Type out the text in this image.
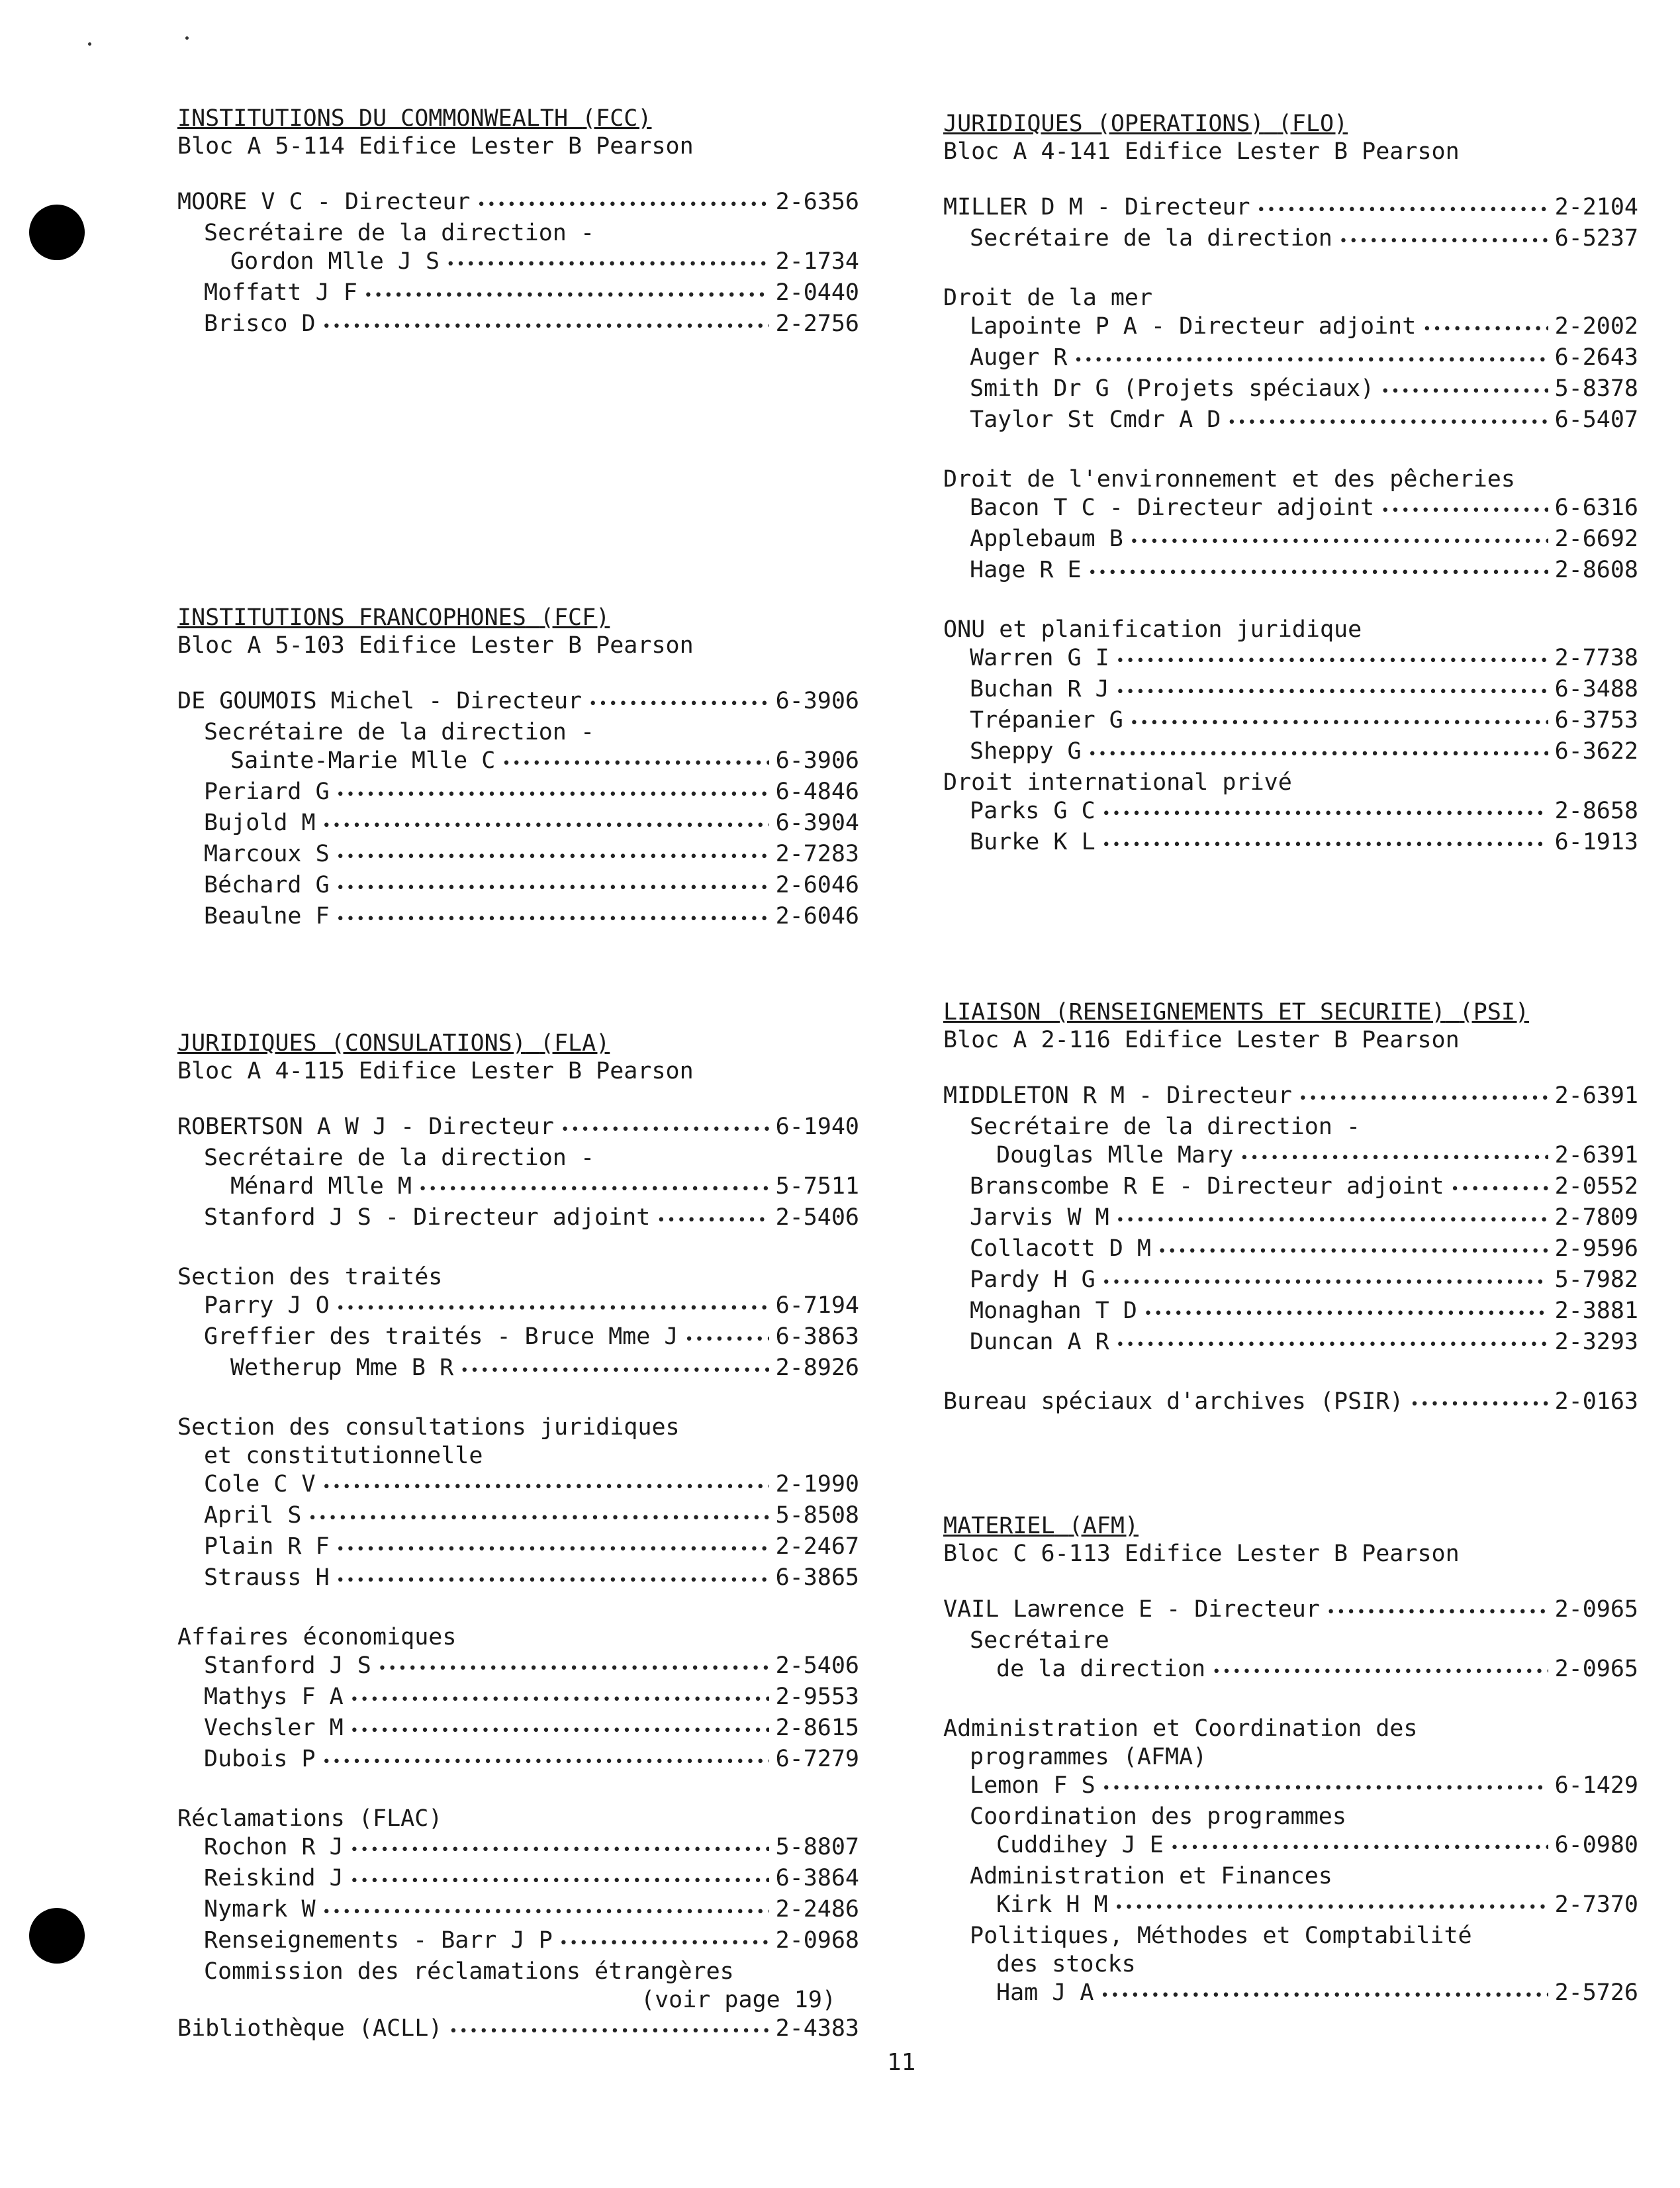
INSTITUTIONS DU COMMONWEALTH (FCC)
Bloc A 5-114 Edifice Lester B Pearson
MOORE V C - Directeur •••••	2-6356
Secrétaire de la direction -
Gordon Mlle J S •••••	2-1734
Moffatt J F •••••	2-0440
Brisco D •••••	2-2756
INSTITUTIONS FRANCOPHONES (FCF)
Bloc A 5-103 Edifice Lester B Pearson
DE GOUMOIS Michel - Directeur •••••	6-3906
Secrétaire de la direction -
Sainte-Marie Mlle C •••••	6-3906
Periard G •••••	6-4846
Bujold M •••••	6-3904
Marcoux S •••••	2-7283
Béchard G •••••	2-6046
Beaulne F •••••	2-6046
JURIDIQUES (CONSULATIONS) (FLA)
Bloc A 4-115 Edifice Lester B Pearson
ROBERTSON A W J - Directeur •••••	6-1940
Secrétaire de la direction -
Ménard Mlle M •••••	5-7511
Stanford J S - Directeur adjoint •••••	2-5406
Section des traités
Parry J O •••••	6-7194
Greffier des traités - Bruce Mme J •••••	6-3863
Wetherup Mme B R •••••	2-8926
Section des consultations juridiques
et constitutionnelle
Cole C V •••••	2-1990
April S •••••	5-8508
Plain R F •••••	2-2467
Strauss H •••••	6-3865
Affaires économiques
Stanford J S •••••	2-5406
Mathys F A •••••	2-9553
Vechsler M •••••	2-8615
Dubois P •••••	6-7279
Réclamations (FLAC)
Rochon R J •••••	5-8807
Reiskind J •••••	6-3864
Nymark W •••••	2-2486
Renseignements - Barr J P •••••	2-0968
Commission des réclamations étrangères
(voir page 19)
Bibliothèque (ACLL) •••••	2-4383
JURIDIQUES (OPERATIONS) (FLO)
Bloc A 4-141 Edifice Lester B Pearson
MILLER D M - Directeur •••••	2-2104
Secrétaire de la direction •••••	6-5237
Droit de la mer
Lapointe P A - Directeur adjoint •••••	2-2002
Auger R •••••	6-2643
Smith Dr G (Projets spéciaux) •••••	5-8378
Taylor St Cmdr A D •••••	6-5407
Droit de l'environnement et des pêcheries
Bacon T C - Directeur adjoint •••••	6-6316
Applebaum B •••••	2-6692
Hage R E •••••	2-8608
ONU et planification juridique
Warren G I •••••	2-7738
Buchan R J •••••	6-3488
Trépanier G •••••	6-3753
Sheppy G •••••	6-3622
Droit international privé
Parks G C •••••	2-8658
Burke K L •••••	6-1913
LIAISON (RENSEIGNEMENTS ET SECURITE) (PSI)
Bloc A 2-116 Edifice Lester B Pearson
MIDDLETON R M - Directeur •••••	2-6391
Secrétaire de la direction -
Douglas Mlle Mary •••••	2-6391
Branscombe R E - Directeur adjoint •••••	2-0552
Jarvis W M •••••	2-7809
Collacott D M •••••	2-9596
Pardy H G •••••	5-7982
Monaghan T D •••••	2-3881
Duncan A R •••••	2-3293
Bureau spéciaux d'archives (PSIR) •••••	2-0163
MATERIEL (AFM)
Bloc C 6-113 Edifice Lester B Pearson
VAIL Lawrence E - Directeur •••••	2-0965
Secrétaire
de la direction •••••	2-0965
Administration et Coordination des
programmes (AFMA)
Lemon F S •••••	6-1429
Coordination des programmes
Cuddihey J E •••••	6-0980
Administration et Finances
Kirk H M •••••	2-7370
Politiques, Méthodes et Comptabilité
des stocks
Ham J A •••••	2-5726
11
